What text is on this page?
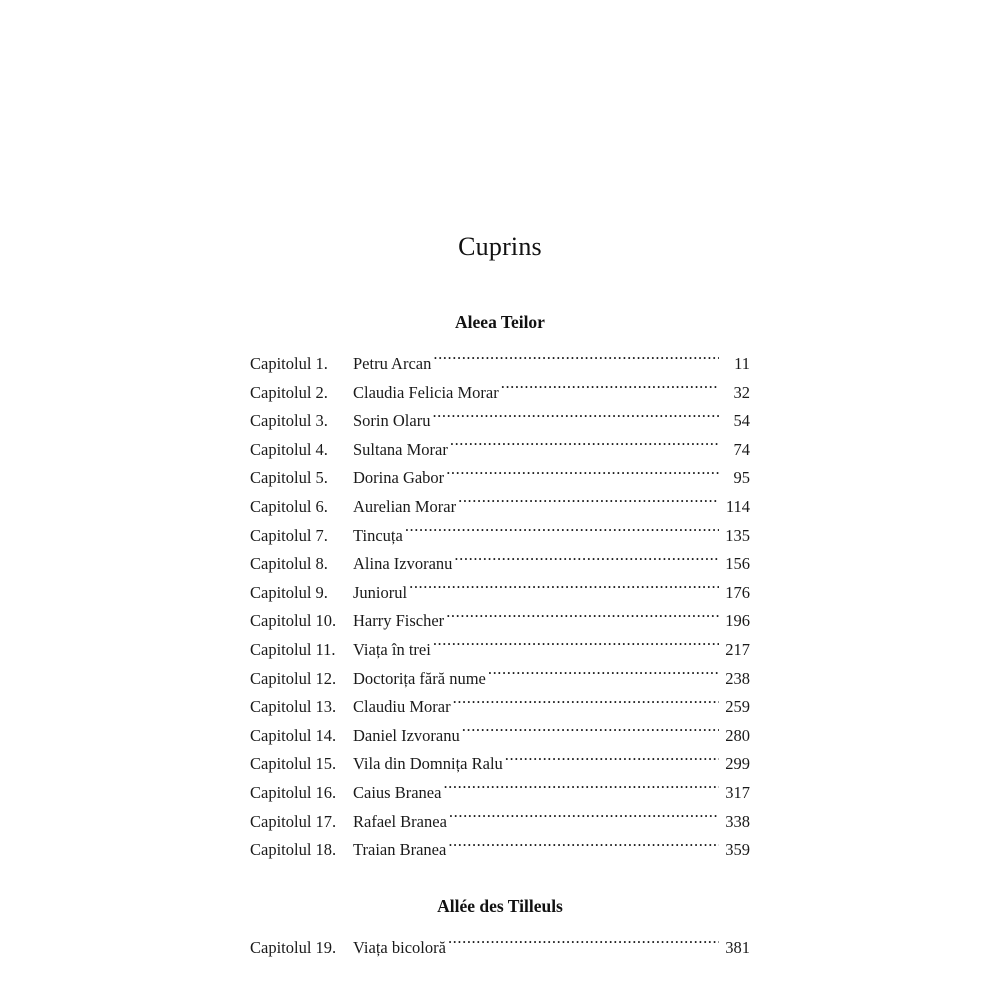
Cuprins
Aleea Teilor
Capitolul 1.	Petru Arcan .....	11
Capitolul 2.	Claudia Felicia Morar .....	32
Capitolul 3.	Sorin Olaru .....	54
Capitolul 4.	Sultana Morar .....	74
Capitolul 5.	Dorina Gabor .....	95
Capitolul 6.	Aurelian Morar .....	114
Capitolul 7.	Tincuța .....	135
Capitolul 8.	Alina Izvoranu .....	156
Capitolul 9.	Juniorul .....	176
Capitolul 10.	Harry Fischer .....	196
Capitolul 11.	Viața în trei .....	217
Capitolul 12.	Doctorița fără nume .....	238
Capitolul 13.	Claudiu Morar .....	259
Capitolul 14.	Daniel Izvoranu .....	280
Capitolul 15.	Vila din Domnița Ralu .....	299
Capitolul 16.	Caius Branea .....	317
Capitolul 17.	Rafael Branea .....	338
Capitolul 18.	Traian Branea .....	359
Allée des Tilleuls
Capitolul 19.	Viața bicoloră .....	381
